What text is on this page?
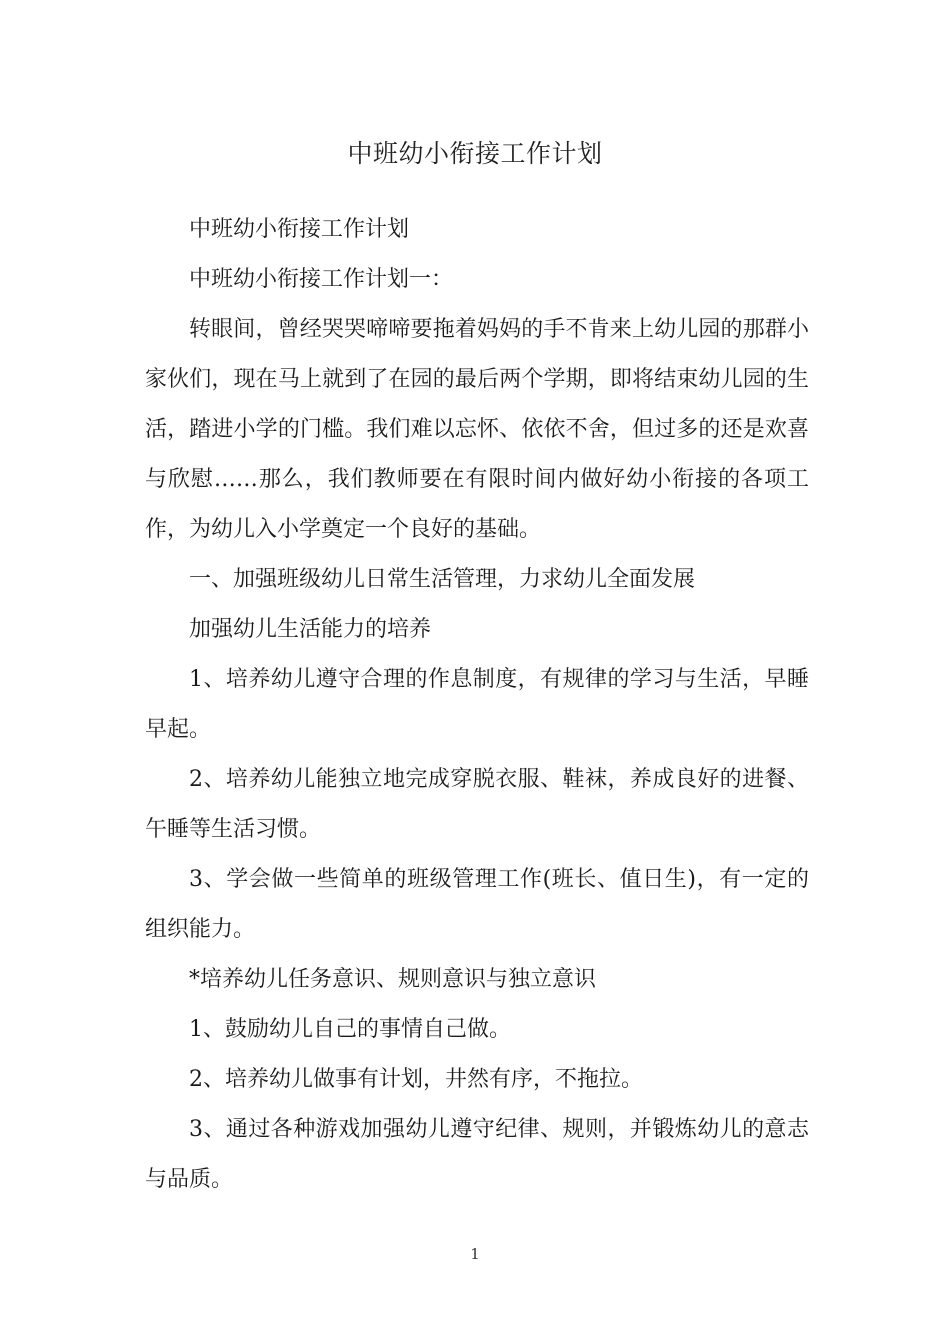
中班幼小衔接工作计划

中班幼小衔接工作计划

中班幼小衔接工作计划一：

转眼间，曾经哭哭啼啼要拖着妈妈的手不肯来上幼儿园的那群小家伙们，现在马上就到了在园的最后两个学期，即将结束幼儿园的生活，踏进小学的门槛。我们难以忘怀、依依不舍，但过多的还是欢喜与欣慰……那么，我们教师要在有限时间内做好幼小衔接的各项工作，为幼儿入小学奠定一个良好的基础。

一、加强班级幼儿日常生活管理，力求幼儿全面发展

加强幼儿生活能力的培养

1、培养幼儿遵守合理的作息制度，有规律的学习与生活，早睡早起。

2、培养幼儿能独立地完成穿脱衣服、鞋袜，养成良好的进餐、午睡等生活习惯。

3、学会做一些简单的班级管理工作(班长、值日生)，有一定的组织能力。

*培养幼儿任务意识、规则意识与独立意识

1、鼓励幼儿自己的事情自己做。

2、培养幼儿做事有计划，井然有序，不拖拉。

3、通过各种游戏加强幼儿遵守纪律、规则，并锻炼幼儿的意志与品质。

1
